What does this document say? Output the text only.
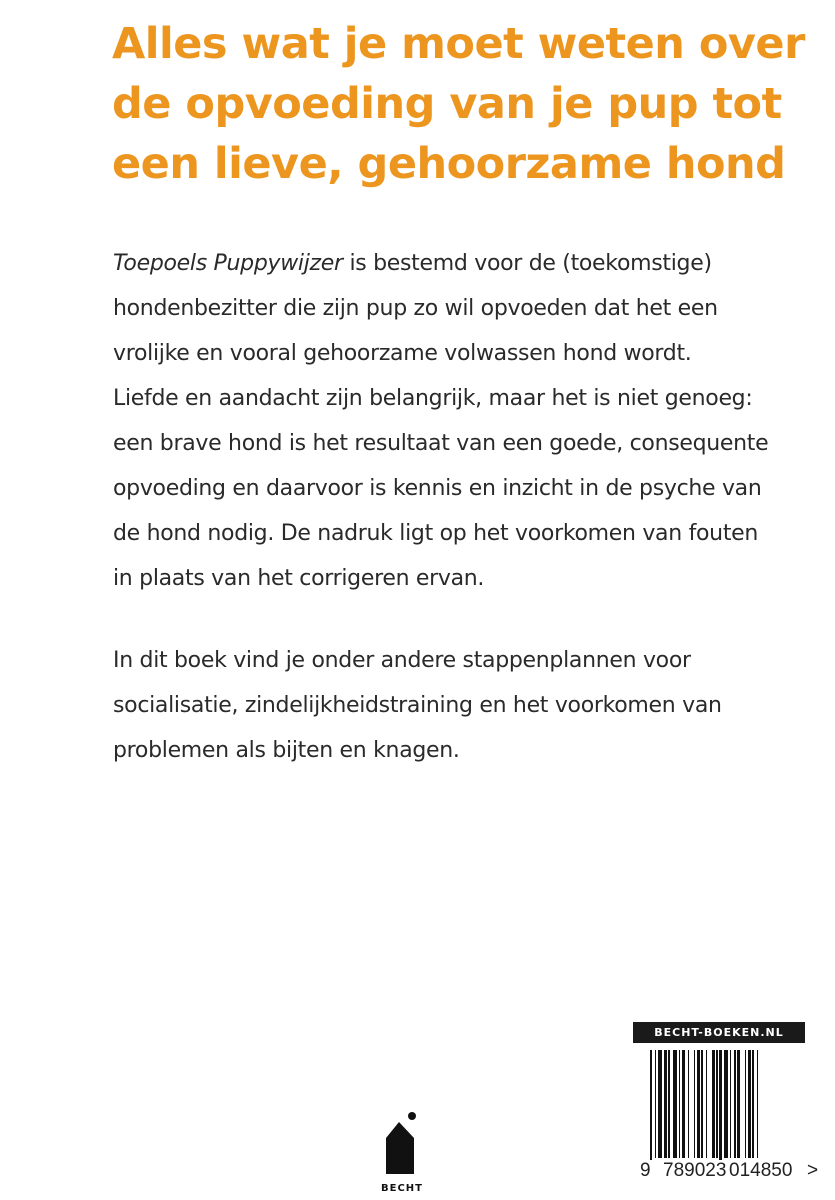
Alles wat je moet weten over
de opvoeding van je pup tot
een lieve, gehoorzame hond
Toepoels Puppywijzer is bestemd voor de (toekomstige)
hondenbezitter die zijn pup zo wil opvoeden dat het een
vrolijke en vooral gehoorzame volwassen hond wordt.
Liefde en aandacht zijn belangrijk, maar het is niet genoeg:
een brave hond is het resultaat van een goede, consequente
opvoeding en daarvoor is kennis en inzicht in de psyche van
de hond nodig. De nadruk ligt op het voorkomen van fouten
in plaats van het corrigeren ervan.
In dit boek vind je onder andere stappenplannen voor
socialisatie, zindelijkheidstraining en het voorkomen van
problemen als bijten en knagen.
BECHT
BECHT-BOEKEN.NL
9 789023 014850 >
